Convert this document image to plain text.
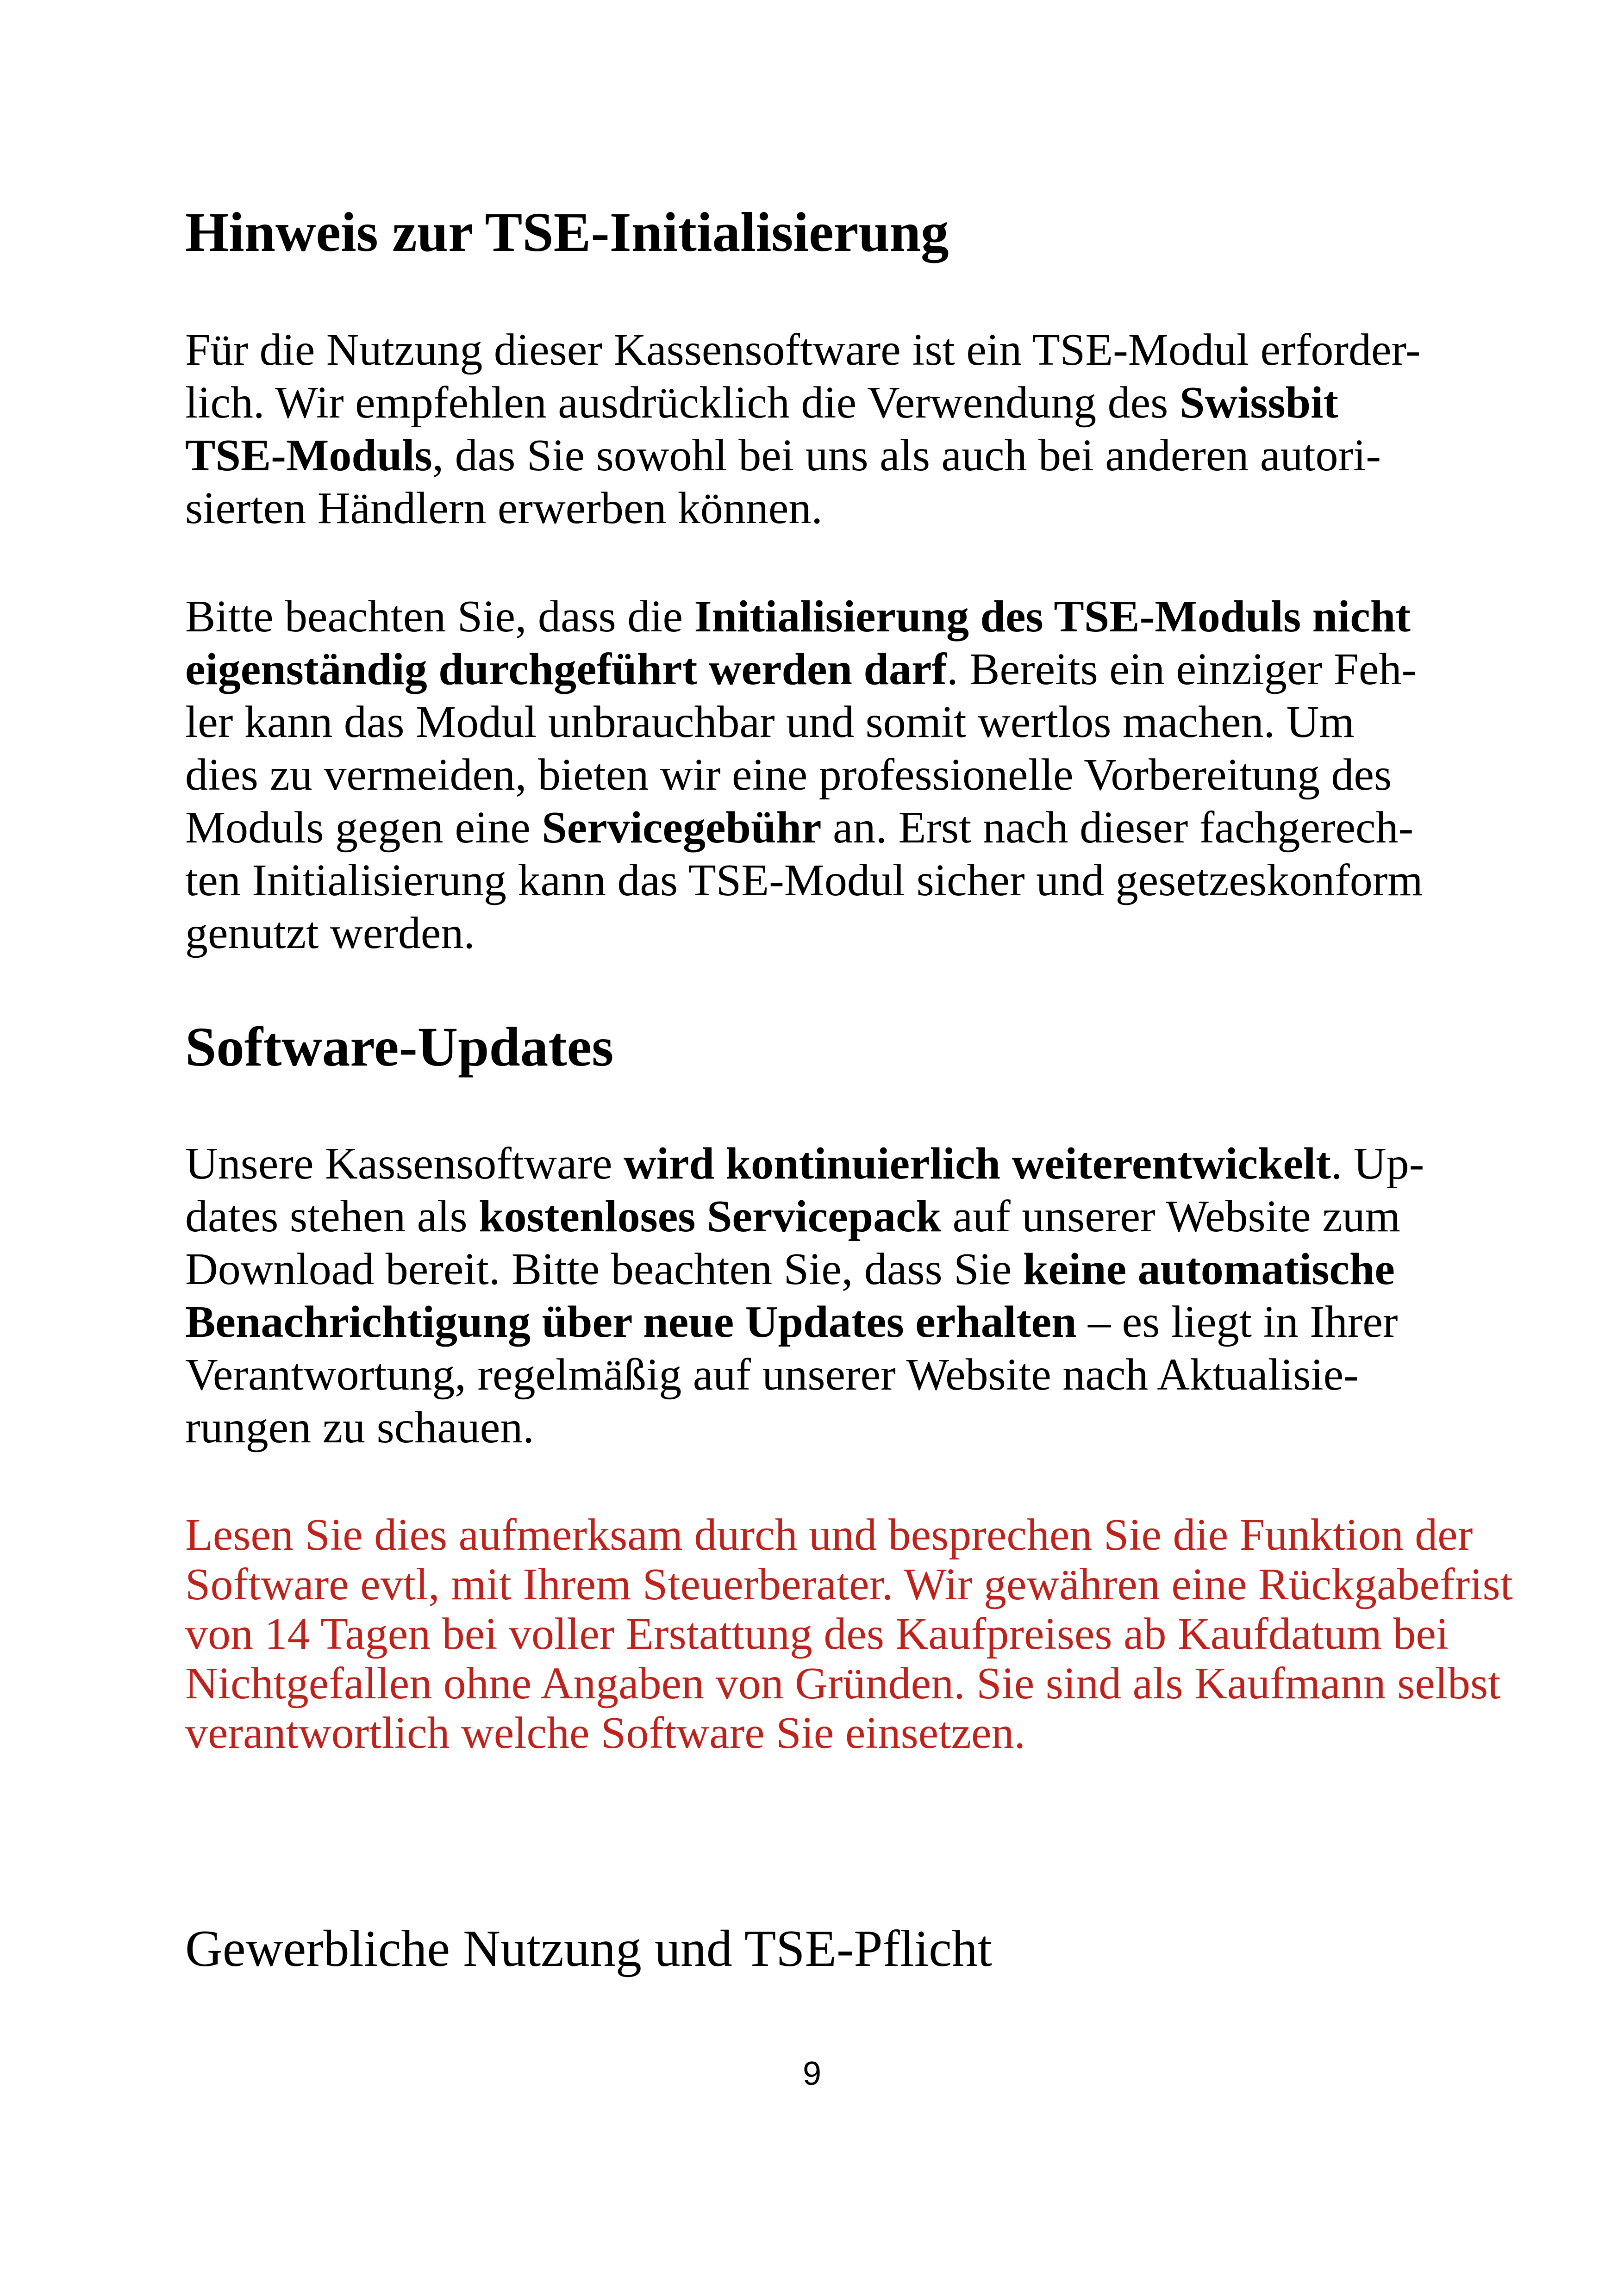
Hinweis zur TSE-Initialisierung
Für die Nutzung dieser Kassensoftware ist ein TSE-Modul erforder-
lich. Wir empfehlen ausdrücklich die Verwendung des Swissbit
TSE-Moduls, das Sie sowohl bei uns als auch bei anderen autori-
sierten Händlern erwerben können.
Bitte beachten Sie, dass die Initialisierung des TSE-Moduls nicht
eigenständig durchgeführt werden darf. Bereits ein einziger Feh-
ler kann das Modul unbrauchbar und somit wertlos machen. Um
dies zu vermeiden, bieten wir eine professionelle Vorbereitung des
Moduls gegen eine Servicegebühr an. Erst nach dieser fachgerech-
ten Initialisierung kann das TSE-Modul sicher und gesetzeskonform
genutzt werden.
Software-Updates
Unsere Kassensoftware wird kontinuierlich weiterentwickelt. Up-
dates stehen als kostenloses Servicepack auf unserer Website zum
Download bereit. Bitte beachten Sie, dass Sie keine automatische
Benachrichtigung über neue Updates erhalten – es liegt in Ihrer
Verantwortung, regelmäßig auf unserer Website nach Aktualisie-
rungen zu schauen.
Lesen Sie dies aufmerksam durch und besprechen Sie die Funktion der
Software evtl, mit Ihrem Steuerberater. Wir gewähren eine Rückgabefrist
von 14 Tagen bei voller Erstattung des Kaufpreises ab Kaufdatum bei
Nichtgefallen ohne Angaben von Gründen. Sie sind als Kaufmann selbst
verantwortlich welche Software Sie einsetzen.
Gewerbliche Nutzung und TSE-Pflicht
9
